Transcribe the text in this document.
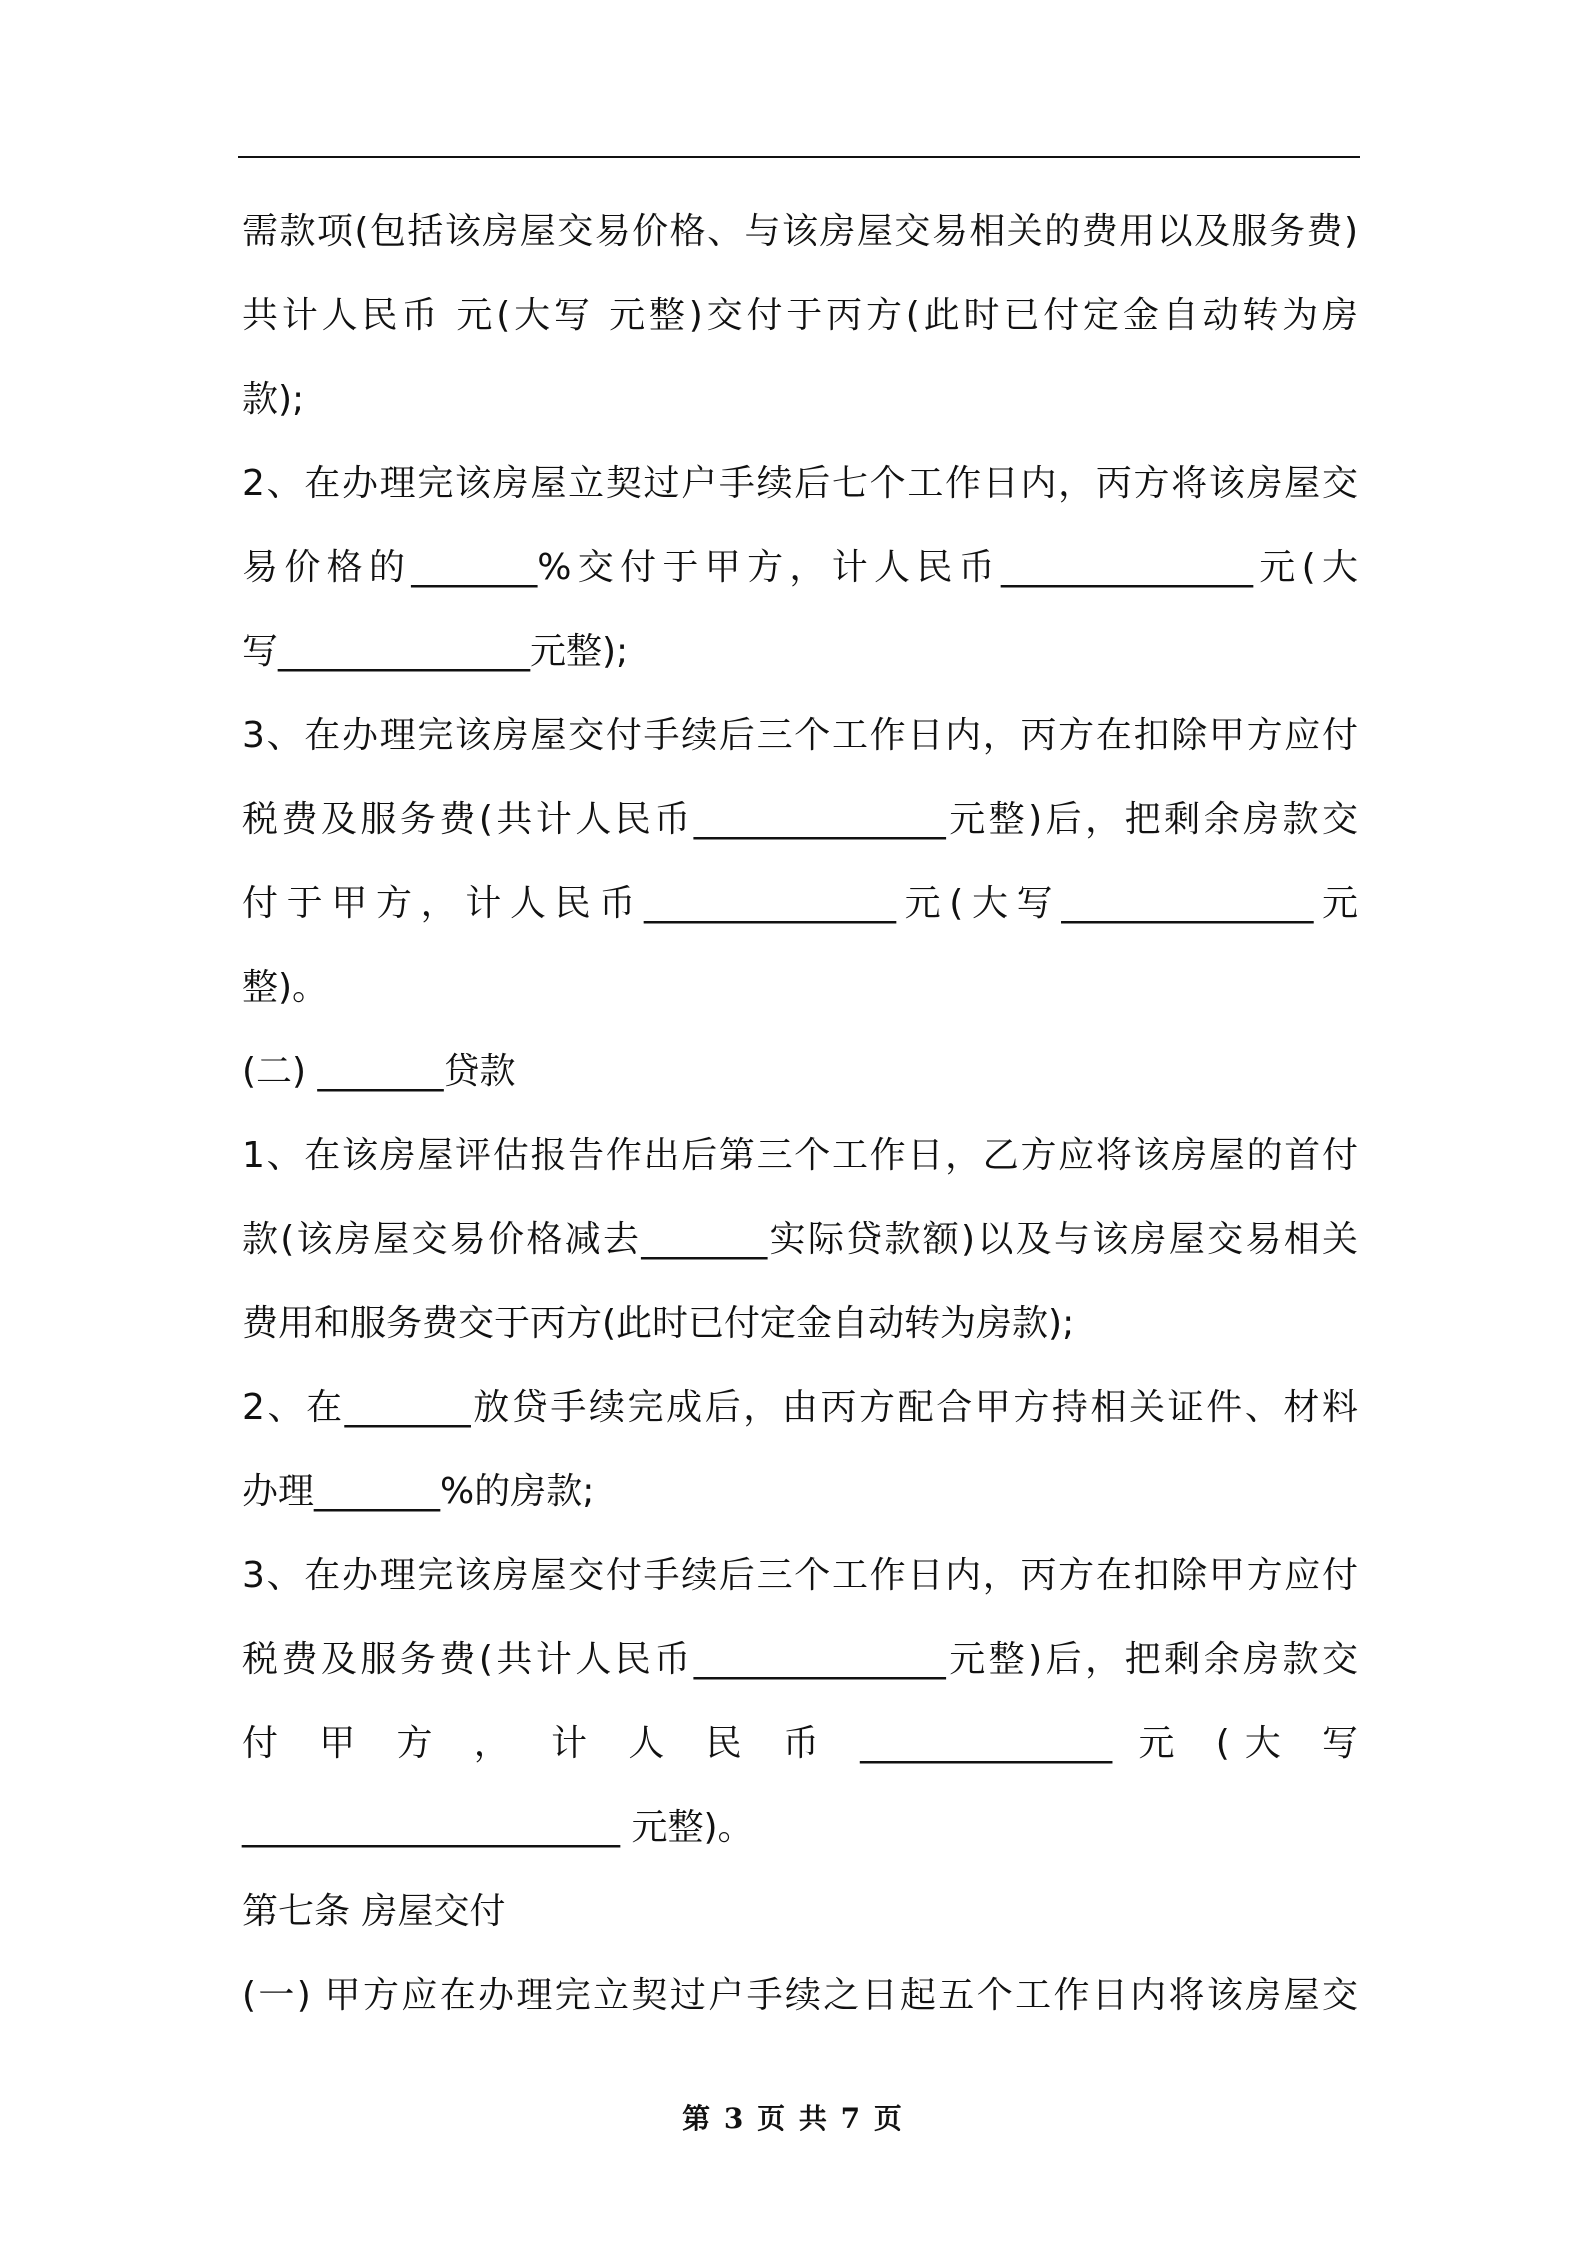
需款项(包括该房屋交易价格、与该房屋交易相关的费用以及服务费)
共计人民币 元(大写 元整)交付于丙方(此时已付定金自动转为房
款);
2、在办理完该房屋立契过户手续后七个工作日内，丙方将该房屋交
易价格的_______%交付于甲方，计人民币______________元(大
写______________元整);
3、在办理完该房屋交付手续后三个工作日内，丙方在扣除甲方应付
税费及服务费(共计人民币______________元整)后，把剩余房款交
付于甲方，计人民币______________元(大写______________元
整)。
(二) _______贷款
1、在该房屋评估报告作出后第三个工作日，乙方应将该房屋的首付
款(该房屋交易价格减去_______实际贷款额)以及与该房屋交易相关
费用和服务费交于丙方(此时已付定金自动转为房款);
2、在_______放贷手续完成后，由丙方配合甲方持相关证件、材料
办理_______%的房款;
3、在办理完该房屋交付手续后三个工作日内，丙方在扣除甲方应付
税费及服务费(共计人民币______________元整)后，把剩余房款交
付 甲 方 ， 计 人 民 币 ______________ 元 (大 写
_____________________ 元整)。
第七条 房屋交付
(一) 甲方应在办理完立契过户手续之日起五个工作日内将该房屋交
第 3 页 共 7 页
